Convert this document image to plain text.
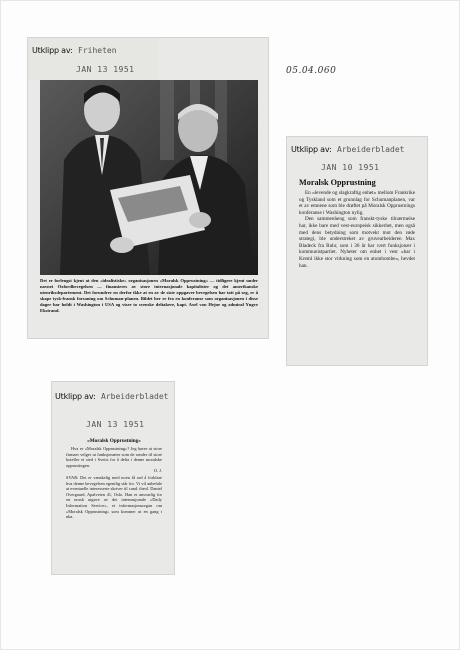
05.04.060
Utklipp av: Friheten
JAN 13 1951
Det er forlengst kjent at den «idealistiske» organisasjonen «Moralsk Opprustning» — tidligere kjent under navnet Oxfordbevegelsen — finansieres av store internasjonale kapitalister og det amerikanske utenriksdepartement. Det forundrer en derfor ikke at en av de siste oppgaver bevegelsen har tatt på seg, er å skape tysk-fransk forsoning om Schuman-planen. Bildet her er fra en konferanse som organisasjonen i disse dager har holdt i Washington i USA og viser to svenske deltakere, kapt. Axel von Hejne og admiral Yngve Ekstrand.
Utklipp av: Arbeiderbladet
JAN 10 1951
Moralsk Opprustning

En «levende og slagkraftig enhet» mellom Frankrike og Tyskland som et grunnlag for Schumanplanen, var et av emnene som ble drøftet på Moralsk Opprustnings konferanse i Washington nylig.

Den sammenheng som franskt-tyske tilnærmelse har, ikke bare med vest-europeisk sikkerhet, men også med dens betydning som motvekt mot den røde strategi, ble understreket av gruvearbeideren Max Bladeck fra Ruhr, som i 36 år har vært funksjonær i kommunistpartiet. Nyheter om enhet i vest «har i Kreml ikke stor virkning som en atombombe», hevdet han.

Utklipp av: Arbeiderbladet
JAN 13 1951
«Moralsk Opprustning»
Hva er «Moralsk Opprustning»? Jeg hører at store firmaer velger ut funksjonærer som de sender til store hoteller et sted i Sveits for å delta i denne moralske opprustingen.
O. J.
SVAR: Det er vanskelig med noen få ord å forklare hva denne bevegelsen egentlig står for. Vi vil anbefale at eventuelle interesserte skriver til cand. theol. Daniel Overgaard, Apalveien 41, Oslo. Han er ansvarlig for en norsk utgave av det internasjonale «Daily Information Service», et informasjonsorgan om «Moralsk Opprustning» som kommer ut en gang i uka.
